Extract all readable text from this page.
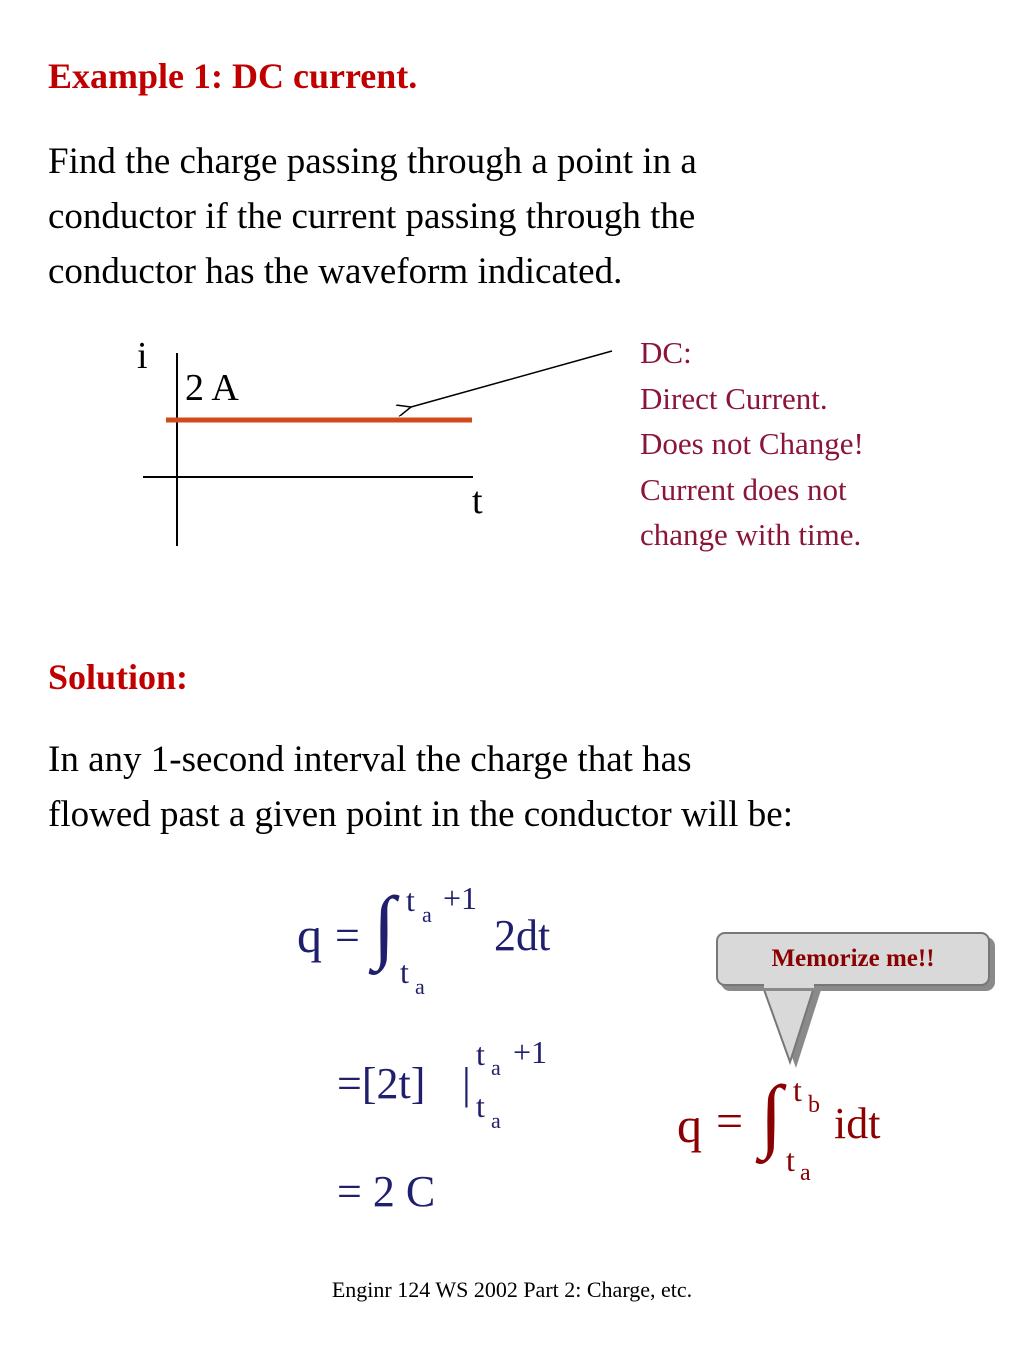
Example 1: DC current.
Find the charge passing through a point in a
conductor if the current passing through the
conductor has the waveform indicated.
i
2 A
t
DC:
Direct Current.
Does not Change!
Current does not
change with time.
Solution:
In any 1-second interval the charge that has
flowed past a given point in the conductor will be:
q = ∫ t a +1
t a
2dt
=[2t] |
t a +1
t a
= 2 C
Memorize me!!
q = ∫ t b
t a
idt
Enginr 124 WS 2002 Part 2: Charge, etc.
